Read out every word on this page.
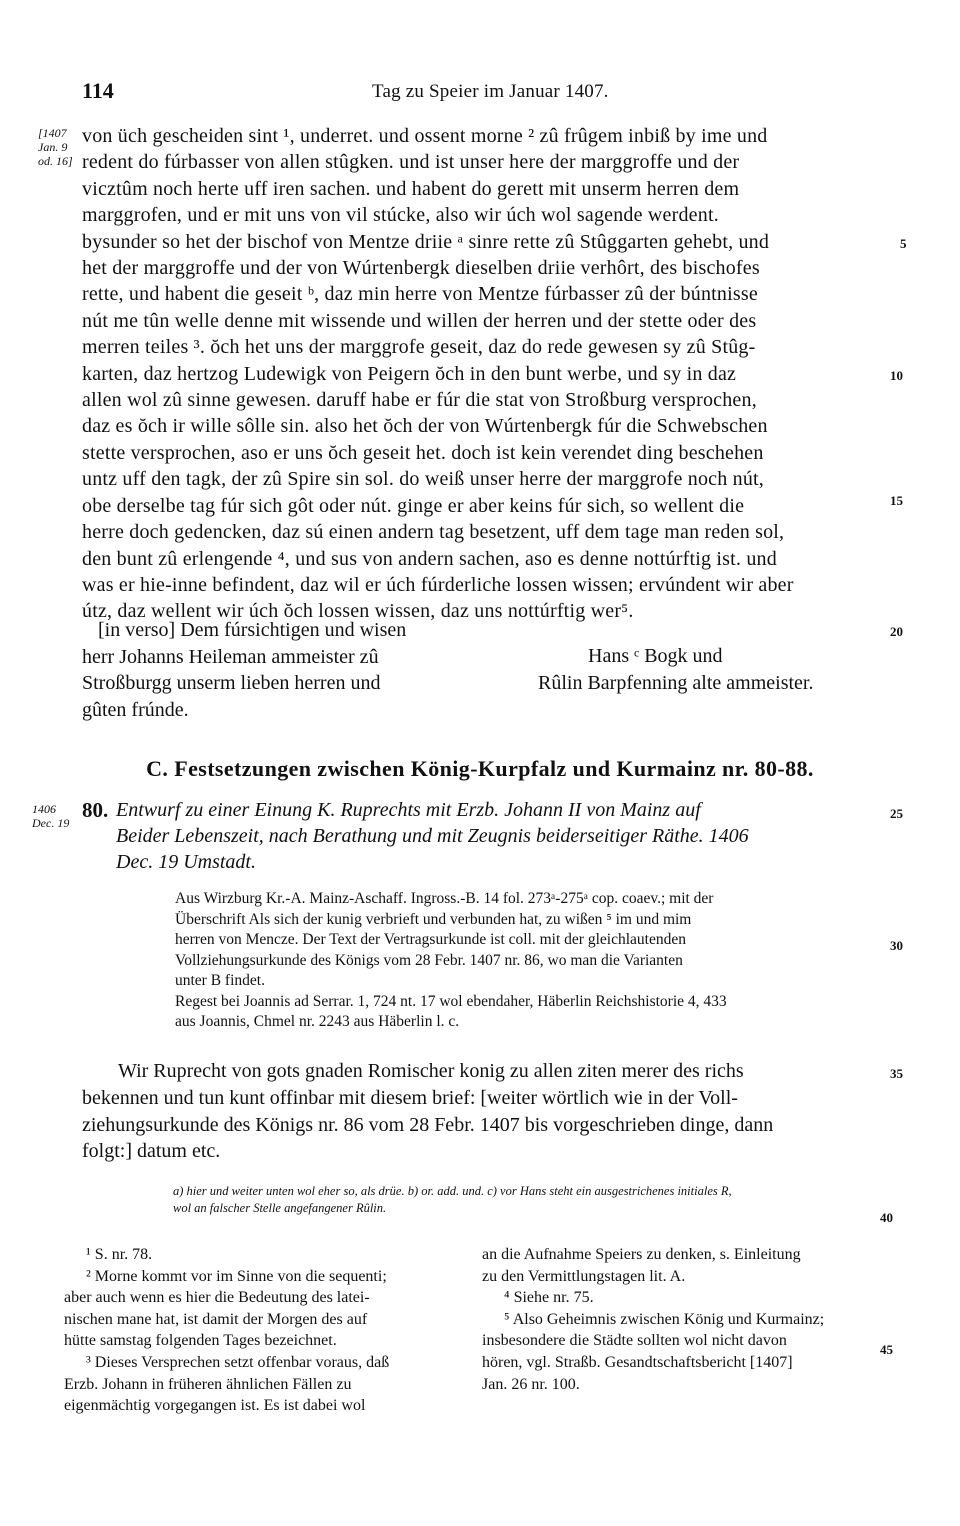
114	Tag zu Speier im Januar 1407.
[1407
Jan. 9
od. 16]
1406
Dec. 19
5
10
15
20
25
30
35
40
45

von üch gescheiden sint ¹, underret. und ossent morne ² zû frûgem inbiß by ime und

redent do fúrbasser von allen stûgken. und ist unser here der marggroffe und der

vicztûm noch herte uff iren sachen. und habent do gerett mit unserm herren dem

marggrofen, und er mit uns von vil stúcke, also wir úch wol sagende werdent.

bysunder so het der bischof von Mentze driie ᵃ sinre rette zû Stûggarten gehebt, und

het der marggroffe und der von Wúrtenbergk dieselben driie verhôrt, des bischofes

rette, und habent die geseit ᵇ, daz min herre von Mentze fúrbasser zû der búntnisse

nút me tûn welle denne mit wissende und willen der herren und der stette oder des

merren teiles ³. ŏch het uns der marggrofe geseit, daz do rede gewesen sy zû Stûg-

karten, daz hertzog Ludewigk von Peigern ŏch in den bunt werbe, und sy in daz

allen wol zû sinne gewesen. daruff habe er fúr die stat von Stroßburg versprochen,

daz es ŏch ir wille sôlle sin. also het ŏch der von Wúrtenbergk fúr die Schwebschen

stette versprochen, aso er uns ŏch geseit het. doch ist kein verendet ding beschehen

untz uff den tagk, der zû Spire sin sol. do weiß unser herre der marggrofe noch nút,

obe derselbe tag fúr sich gôt oder nút. ginge er aber keins fúr sich, so wellent die

herre doch gedencken, daz sú einen andern tag besetzent, uff dem tage man reden sol,

den bunt zû erlengende ⁴, und sus von andern sachen, aso es denne nottúrftig ist. und

was er hie-inne befindent, daz wil er úch fúrderliche lossen wissen; ervúndent wir aber

útz, daz wellent wir úch ŏch lossen wissen, daz uns nottúrftig wer⁵.

[in verso] Dem fúrsichtigen und wisen
herr Johanns Heileman ammeister zû
Stroßburgg unserm lieben herren und
gûten frúnde.
Hans ᶜ Bogk und
Rûlin Barpfenning alte ammeister.
C. Festsetzungen zwischen König-Kurpfalz und Kurmainz nr. 80-88.
80. Entwurf zu einer Einung K. Ruprechts mit Erzb. Johann II von Mainz auf
Beider Lebenszeit, nach Berathung und mit Zeugnis beiderseitiger Räthe. 1406
Dec. 19 Umstadt.

Aus Wirzburg Kr.-A. Mainz-Aschaff. Ingross.-B. 14 fol. 273ᵃ-275ᵃ cop. coaev.; mit der

Überschrift Als sich der kunig verbrieft und verbunden hat, zu wißen ⁵ im und mim

herren von Mencze. Der Text der Vertragsurkunde ist coll. mit der gleichlautenden

Vollziehungsurkunde des Königs vom 28 Febr. 1407 nr. 86, wo man die Varianten

unter B findet.

Regest bei Joannis ad Serrar. 1, 724 nt. 17 wol ebendaher, Häberlin Reichshistorie 4, 433

aus Joannis, Chmel nr. 2243 aus Häberlin l. c.

Wir Ruprecht von gots gnaden Romischer konig zu allen ziten merer des richs

bekennen und tun kunt offinbar mit diesem brief: [weiter wörtlich wie in der Voll-

ziehungsurkunde des Königs nr. 86 vom 28 Febr. 1407 bis vorgeschrieben dinge, dann

folgt:] datum etc.

a) hier und weiter unten wol eher so, als drüe. b) or. add. und. c) vor Hans steht ein ausgestrichenes initiales R,
wol an falscher Stelle angefangener Rûlin.

¹ S. nr. 78.

² Morne kommt vor im Sinne von die sequenti;

aber auch wenn es hier die Bedeutung des latei-

nischen mane hat, ist damit der Morgen des auf

hütte samstag folgenden Tages bezeichnet.

³ Dieses Versprechen setzt offenbar voraus, daß

Erzb. Johann in früheren ähnlichen Fällen zu

eigenmächtig vorgegangen ist. Es ist dabei wol

an die Aufnahme Speiers zu denken, s. Einleitung

zu den Vermittlungstagen lit. A.

⁴ Siehe nr. 75.

⁵ Also Geheimnis zwischen König und Kurmainz;

insbesondere die Städte sollten wol nicht davon

hören, vgl. Straßb. Gesandtschaftsbericht [1407]

Jan. 26 nr. 100.
